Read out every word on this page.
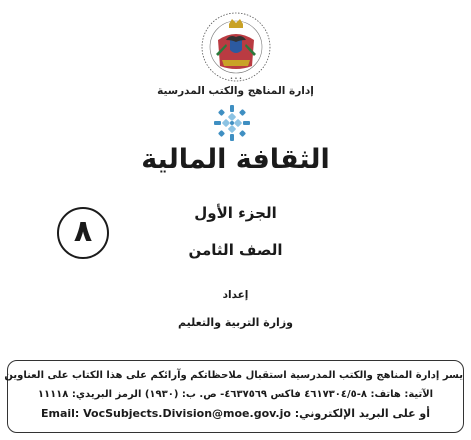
• • •
إدارة المناهج والكتب المدرسية
الثقافة المالية
٨
الجزء الأول
الصف الثامن
إعداد
وزارة التربية والتعليم
يسر إدارة المناهج والكتب المدرسية استقبال ملاحظاتكم وآرائكم على هذا الكتاب على العناوين
الآتية: هاتف: ٨-٤٦١٧٣٠٤/٥ فاكس ٤٦٣٧٥٦٩- ص. ب: (١٩٣٠) الرمز البريدي: ١١١١٨
أو على البريد الإلكتروني: Email: VocSubjects.Division@moe.gov.jo
